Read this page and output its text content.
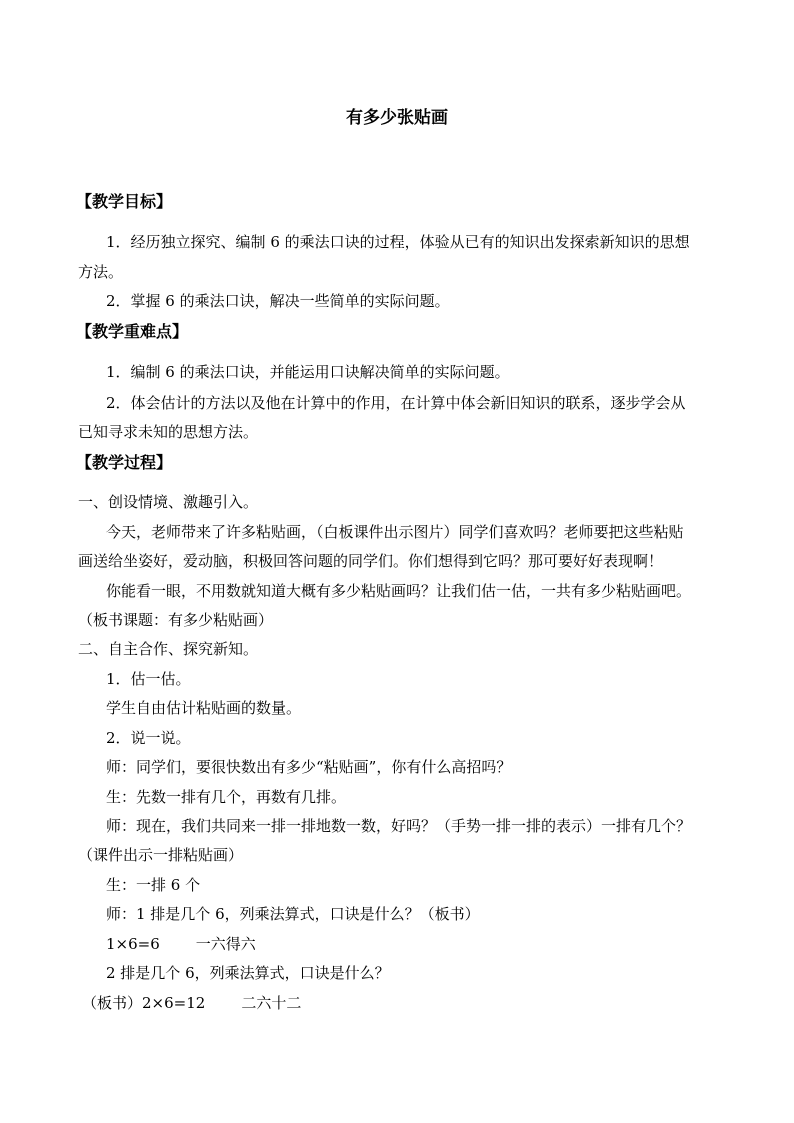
有多少张贴画
【教学目标】
1．经历独立探究、编制 6 的乘法口诀的过程，体验从已有的知识出发探索新知识的思想
方法。
2．掌握 6 的乘法口诀，解决一些简单的实际问题。
【教学重难点】
1．编制 6 的乘法口诀，并能运用口诀解决简单的实际问题。
2．体会估计的方法以及他在计算中的作用，在计算中体会新旧知识的联系，逐步学会从
已知寻求未知的思想方法。
【教学过程】
一、创设情境、激趣引入。
今天，老师带来了许多粘贴画，（白板课件出示图片）同学们喜欢吗？老师要把这些粘贴
画送给坐姿好，爱动脑，积极回答问题的同学们。你们想得到它吗？那可要好好表现啊！
你能看一眼，不用数就知道大概有多少粘贴画吗？让我们估一估，一共有多少粘贴画吧。
（板书课题：有多少粘贴画）
二、自主合作、探究新知。
1．估一估。
学生自由估计粘贴画的数量。
2．说一说。
师：同学们，要很快数出有多少“粘贴画”，你有什么高招吗？
生：先数一排有几个，再数有几排。
师：现在，我们共同来一排一排地数一数，好吗？（手势一排一排的表示）一排有几个？
（课件出示一排粘贴画）
生：一排 6 个
师：1 排是几个 6，列乘法算式，口诀是什么？（板书）
1×6=6 一六得六
2 排是几个 6，列乘法算式，口诀是什么？
（板书）2×6=12 二六十二
